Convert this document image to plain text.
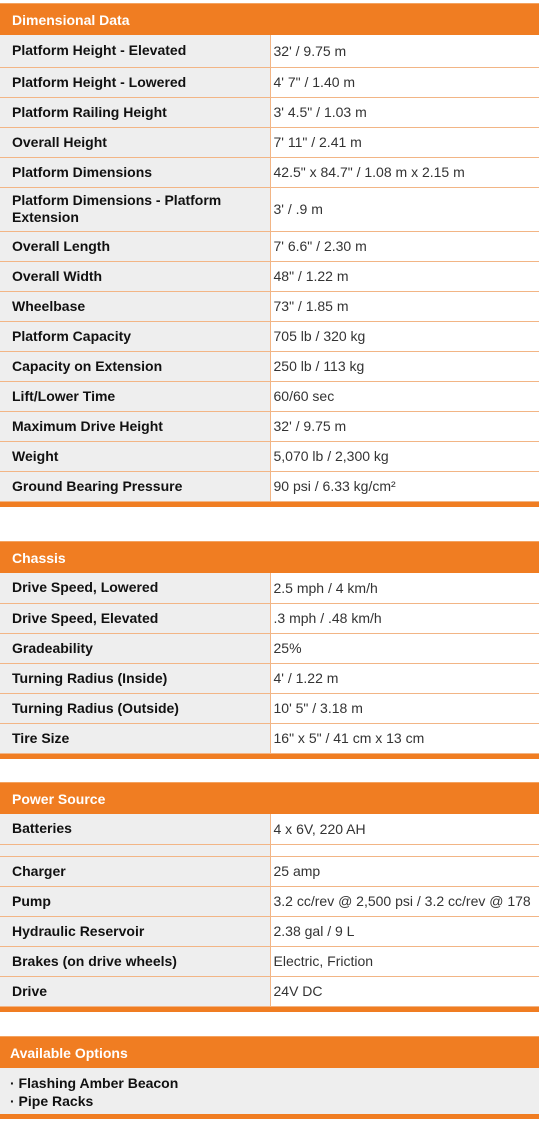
Dimensional Data
Platform Height - Elevated	32' / 9.75 m
Platform Height - Lowered	4' 7" / 1.40 m
Platform Railing Height	3' 4.5" / 1.03 m
Overall Height	7' 11" / 2.41 m
Platform Dimensions	42.5" x 84.7" / 1.08 m x 2.15 m
Platform Dimensions - Platform Extension	3' / .9 m
Overall Length	7' 6.6" / 2.30 m
Overall Width	48" / 1.22 m
Wheelbase	73" / 1.85 m
Platform Capacity	705 lb / 320 kg
Capacity on Extension	250 lb / 113 kg
Lift/Lower Time	60/60 sec
Maximum Drive Height	32' / 9.75 m
Weight	5,070 lb / 2,300 kg
Ground Bearing Pressure	90 psi / 6.33 kg/cm²
Chassis
Drive Speed, Lowered	2.5 mph / 4 km/h
Drive Speed, Elevated	.3 mph / .48 km/h
Gradeability	25%
Turning Radius (Inside)	4' / 1.22 m
Turning Radius (Outside)	10' 5" / 3.18 m
Tire Size	16" x 5" / 41 cm x 13 cm
Power Source
Batteries	4 x 6V, 220 AH

Charger	25 amp
Pump	3.2 cc/rev @ 2,500 psi / 3.2 cc/rev @ 178
Hydraulic Reservoir	2.38 gal / 9 L
Brakes (on drive wheels)	Electric, Friction
Drive	24V DC
Available Options
· Flashing Amber Beacon
· Pipe Racks
